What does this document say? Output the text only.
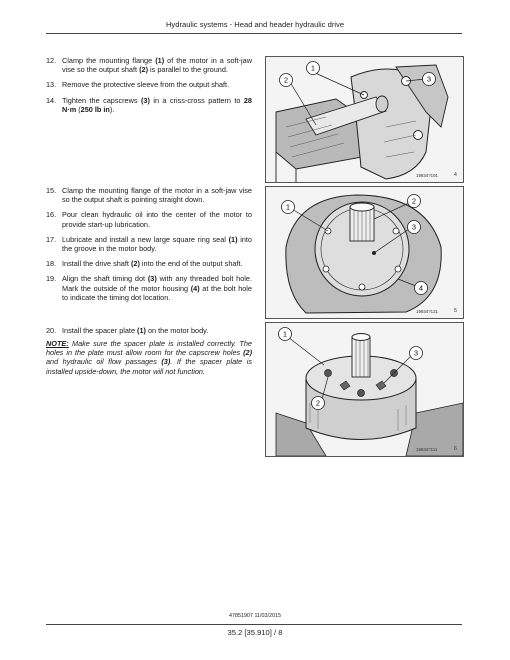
Hydraulic systems - Head and header hydraulic drive
12. Clamp the mounting flange (1) of the motor in a soft-jaw vise so the output shaft (2) is parallel to the ground.
13. Remove the protective sleeve from the output shaft.
14. Tighten the capscrews (3) in a criss-cross pattern to 28 N·m (250 lb in).
15. Clamp the mounting flange of the motor in a soft-jaw vise so the output shaft is pointing straight down.
16. Pour clean hydraulic oil into the center of the motor to provide start-up lubrication.
17. Lubricate and install a new large square ring seal (1) into the groove in the motor body.
18. Install the drive shaft (2) into the end of the output shaft.
19. Align the shaft timing dot (3) with any threaded bolt hole. Mark the outside of the motor housing (4) at the bolt hole to indicate the timing dot location.
20. Install the spacer plate (1) on the motor body.
NOTE: Make sure the spacer plate is installed correctly. The holes in the plate must allow room for the capscrew holes (2) and hydraulic oil flow passages (3). If the spacer plate is installed upside-down, the motor will not function.
1
2	3
19934?191	4
1
2
3
4
19934?131	5
1
3
2
19934?111	6
47851907 11/03/2015
35.2 [35.910] / 8
